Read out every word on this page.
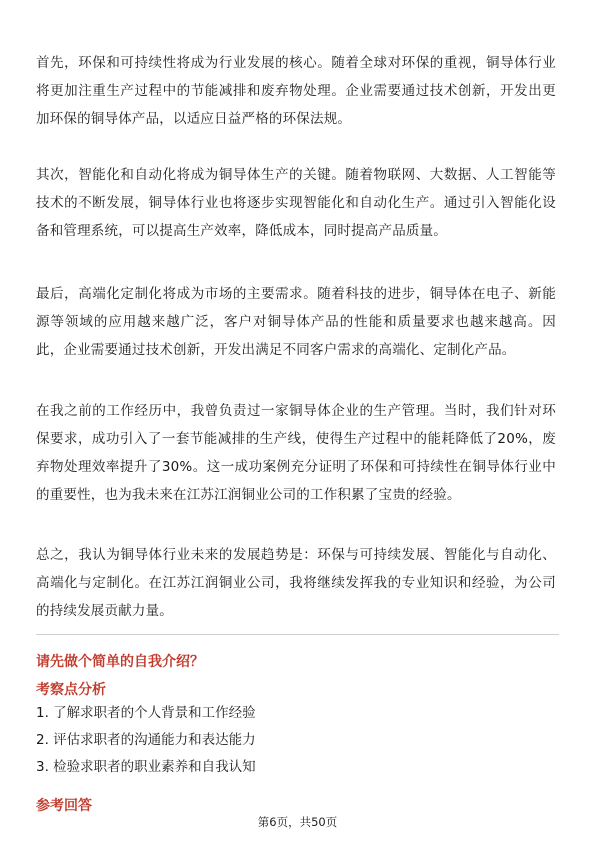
首先，环保和可持续性将成为行业发展的核心。随着全球对环保的重视，铜导体行业将更加注重生产过程中的节能减排和废弃物处理。企业需要通过技术创新，开发出更加环保的铜导体产品，以适应日益严格的环保法规。

其次，智能化和自动化将成为铜导体生产的关键。随着物联网、大数据、人工智能等技术的不断发展，铜导体行业也将逐步实现智能化和自动化生产。通过引入智能化设备和管理系统，可以提高生产效率，降低成本，同时提高产品质量。

最后，高端化定制化将成为市场的主要需求。随着科技的进步，铜导体在电子、新能源等领域的应用越来越广泛，客户对铜导体产品的性能和质量要求也越来越高。因此，企业需要通过技术创新，开发出满足不同客户需求的高端化、定制化产品。

在我之前的工作经历中，我曾负责过一家铜导体企业的生产管理。当时，我们针对环保要求，成功引入了一套节能减排的生产线，使得生产过程中的能耗降低了20%，废弃物处理效率提升了30%。这一成功案例充分证明了环保和可持续性在铜导体行业中的重要性，也为我未来在江苏江润铜业公司的工作积累了宝贵的经验。

总之，我认为铜导体行业未来的发展趋势是：环保与可持续发展、智能化与自动化、高端化与定制化。在江苏江润铜业公司，我将继续发挥我的专业知识和经验，为公司的持续发展贡献力量。

请先做个简单的自我介绍？

考察点分析

1. 了解求职者的个人背景和工作经验
2. 评估求职者的沟通能力和表达能力
3. 检验求职者的职业素养和自我认知

参考回答

第6页，共50页
